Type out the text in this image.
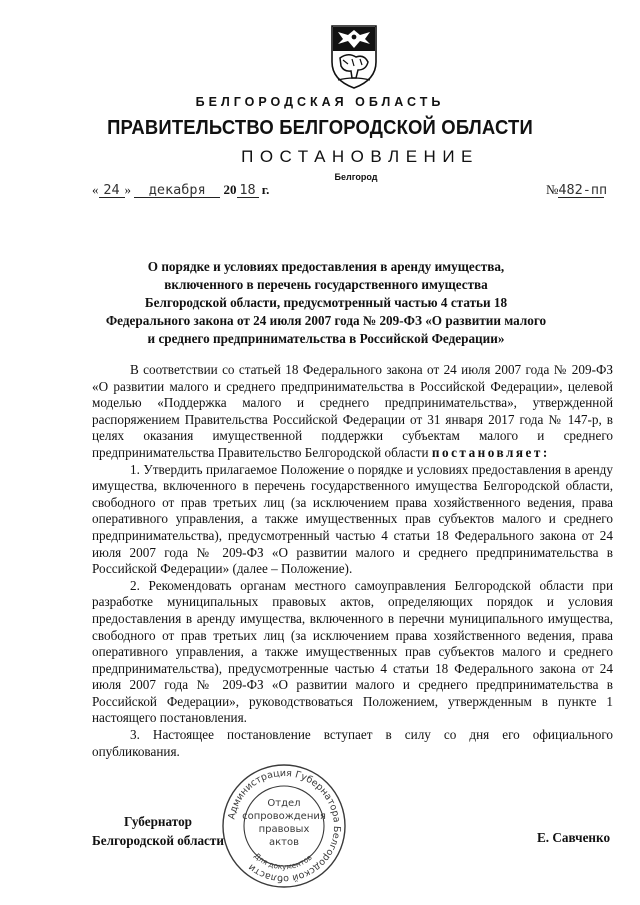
БЕЛГОРОДСКАЯ ОБЛАСТЬ
ПРАВИТЕЛЬСТВО БЕЛГОРОДСКОЙ ОБЛАСТИ
ПОСТАНОВЛЕНИЕ
Белгород
« 24 » декабря 20 18 г.	№482-пп
О порядке и условиях предоставления в аренду имущества,
включенного в перечень государственного имущества
Белгородской области, предусмотренный частью 4 статьи 18
Федерального закона от 24 июля 2007 года № 209-ФЗ «О развитии малого
и среднего предпринимательства в Российской Федерации»

В соответствии со статьей 18 Федерального закона от 24 июля 2007 года № 209-ФЗ «О развитии малого и среднего предпринимательства в Российской Федерации», целевой моделью «Поддержка малого и среднего предпринимательства», утвержденной распоряжением Правительства Российской Федерации от 31 января 2017 года № 147-р, в целях оказания имущественной поддержки субъектам малого и среднего предпринимательства Правительство Белгородской области постановляет:

1. Утвердить прилагаемое Положение о порядке и условиях предоставления в аренду имущества, включенного в перечень государственного имущества Белгородской области, свободного от прав третьих лиц (за исключением права хозяйственного ведения, права оперативного управления, а также имущественных прав субъектов малого и среднего предпринимательства), предусмотренный частью 4 статьи 18 Федерального закона от 24 июля 2007 года № 209-ФЗ «О развитии малого и среднего предпринимательства в Российской Федерации» (далее – Положение).

2. Рекомендовать органам местного самоуправления Белгородской области при разработке муниципальных правовых актов, определяющих порядок и условия предоставления в аренду имущества, включенного в перечни муниципального имущества, свободного от прав третьих лиц (за исключением права хозяйственного ведения, права оперативного управления, а также имущественных прав субъектов малого и среднего предпринимательства), предусмотренные частью 4 статьи 18 Федерального закона от 24 июля 2007 года № 209-ФЗ «О развитии малого и среднего предпринимательства в Российской Федерации», руководствоваться Положением, утвержденным в пункте 1 настоящего постановления.

3. Настоящее постановление вступает в силу со дня его официального опубликования.

Губернатор
Белгородской области	Е. Савченко
Администрация Губернатора Белгородской области
Отдел
сопровождения
правовых
актов
Для документов
